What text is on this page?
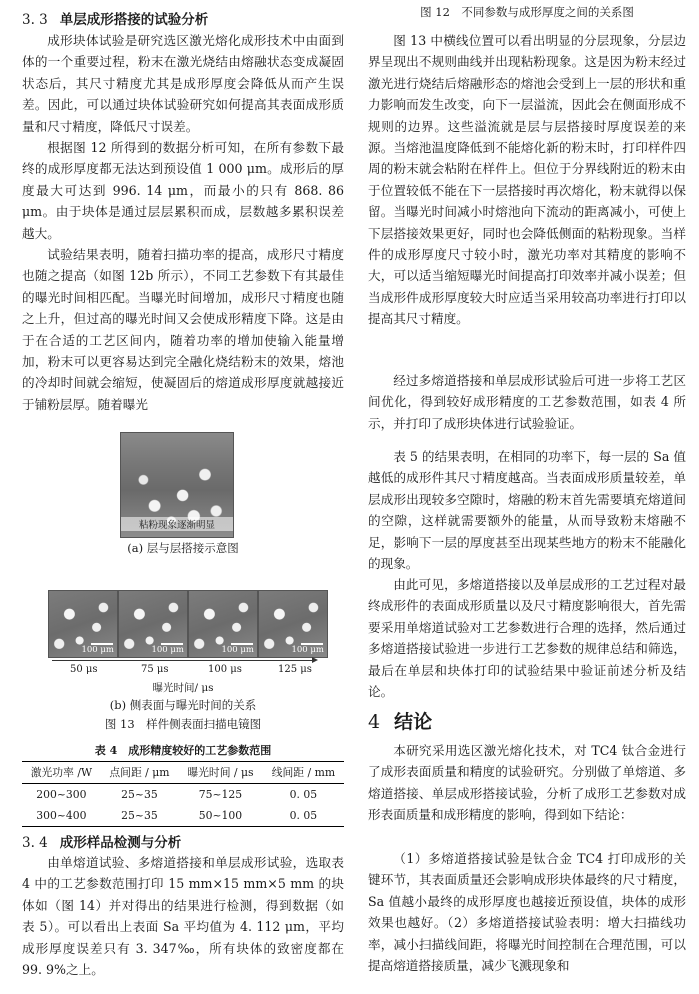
3. 3 单层成形搭接的试验分析

成形块体试验是研究选区激光熔化成形技术中由面到体的一个重要过程，粉末在激光烧结由熔融状态变成凝固状态后，其尺寸精度尤其是成形厚度会降低从而产生误差。因此，可以通过块体试验研究如何提高其表面成形质量和尺寸精度，降低尺寸误差。

根据图 12 所得到的数据分析可知，在所有参数下最终的成形厚度都无法达到预设值 1 000 μm。成形后的厚度最大可达到 996. 14 μm，而最小的只有 868. 86 μm。由于块体是通过层层累积而成，层数越多累积误差越大。

试验结果表明，随着扫描功率的提高，成形尺寸精度也随之提高（如图 12b 所示），不同工艺参数下有其最佳的曝光时间相匹配。当曝光时间增加，成形尺寸精度也随之上升，但过高的曝光时间又会使成形精度下降。这是由于在合适的工艺区间内，随着功率的增加使输入能量增加，粉末可以更容易达到完全融化烧结粉末的效果，熔池的冷却时间就会缩短，使凝固后的熔道成形厚度就越接近于铺粉层厚。随着曝光

粘粉现象逐渐明显
(a) 层与层搭接示意图
100 μm	100 μm	100 μm	100 μm
50 μs	75 μs	100 μs	125 μs
曝光时间/ μs
(b) 侧表面与曝光时间的关系
图 13　样件侧表面扫描电镜图
表 4　成形精度较好的工艺参数范围
激光功率 /W	点间距 / μm	曝光时间 / μs	线间距 / mm
200~300	25~35	75~125	0. 05
300~400	25~35	50~100	0. 05
3. 4 成形样品检测与分析

由单熔道试验、多熔道搭接和单层成形试验，选取表 4 中的工艺参数范围打印 15 mm×15 mm×5 mm 的块体如（图 14）并对得出的结果进行检测，得到数据（如表 5）。可以看出上表面 Sa 平均值为 4. 112 μm，平均成形厚度误差只有 3. 347‰，所有块体的致密度都在 99. 9%之上。

图 12　不同参数与成形厚度之间的关系图

图 13 中横线位置可以看出明显的分层现象，分层边界呈现出不规则曲线并出现粘粉现象。这是因为粉末经过激光进行烧结后熔融形态的熔池会受到上一层的形状和重力影响而发生改变，向下一层溢流，因此会在侧面形成不规则的边界。这些溢流就是层与层搭接时厚度误差的来源。当熔池温度降低到不能熔化新的粉末时，打印样件四周的粉末就会粘附在样件上。但位于分界线附近的粉末由于位置较低不能在下一层搭接时再次熔化，粉末就得以保留。当曝光时间减小时熔池向下流动的距离减小，可使上下层搭接效果更好，同时也会降低侧面的粘粉现象。当样件的成形厚度尺寸较小时，激光功率对其精度的影响不大，可以适当缩短曝光时间提高打印效率并减小误差；但当成形件成形厚度较大时应适当采用较高功率进行打印以提高其尺寸精度。

经过多熔道搭接和单层成形试验后可进一步将工艺区间优化，得到较好成形精度的工艺参数范围，如表 4 所示，并打印了成形块体进行试验验证。

表 5 的结果表明，在相同的功率下，每一层的 Sa 值越低的成形件其尺寸精度越高。当表面成形质量较差，单层成形出现较多空隙时，熔融的粉末首先需要填充熔道间的空隙，这样就需要额外的能量，从而导致粉末熔融不足，影响下一层的厚度甚至出现某些地方的粉末不能融化的现象。

由此可见，多熔道搭接以及单层成形的工艺过程对最终成形件的表面成形质量以及尺寸精度影响很大，首先需要采用单熔道试验对工艺参数进行合理的选择，然后通过多熔道搭接试验进一步进行工艺参数的规律总结和筛选，最后在单层和块体打印的试验结果中验证前述分析及结论。

4 结论

本研究采用选区激光熔化技术，对 TC4 钛合金进行了成形表面质量和精度的试验研究。分别做了单熔道、多熔道搭接、单层成形搭接试验，分析了成形工艺参数对成形表面质量和成形精度的影响，得到如下结论：

（1）多熔道搭接试验是钛合金 TC4 打印成形的关键环节，其表面质量还会影响成形块体最终的尺寸精度，Sa 值越小最终的成形厚度也越接近预设值，块体的成形效果也越好。（2）多熔道搭接试验表明：增大扫描线功率，减小扫描线间距，将曝光时间控制在合理范围，可以提高熔道搭接质量，减少飞溅现象和
